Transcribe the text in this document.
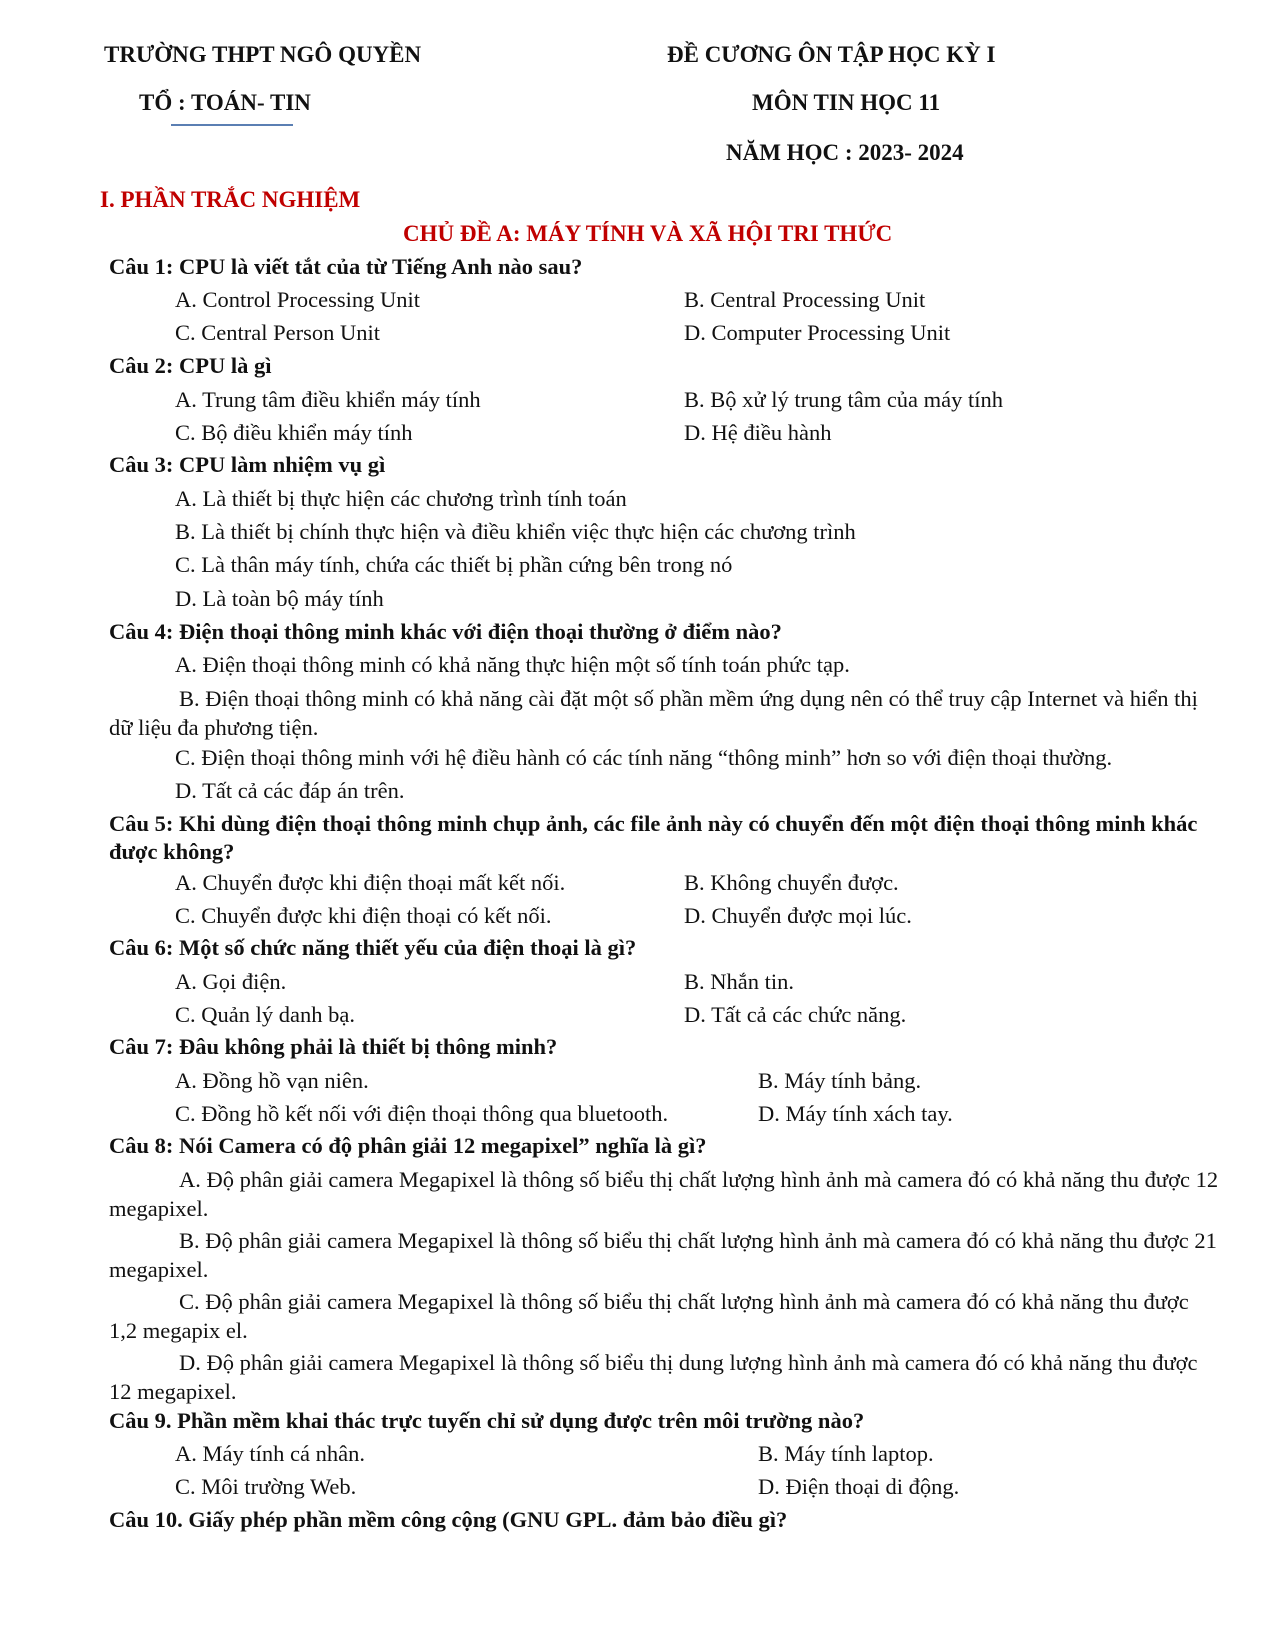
TRƯỜNG THPT NGÔ QUYỀN
TỔ : TOÁN- TIN
ĐỀ CƯƠNG ÔN TẬP HỌC KỲ I
MÔN TIN HỌC 11
NĂM HỌC : 2023- 2024
I. PHẦN TRẮC NGHIỆM
CHỦ ĐỀ A: MÁY TÍNH VÀ XÃ HỘI TRI THỨC
Câu 1: CPU là viết tắt của từ Tiếng Anh nào sau?
A. Control Processing Unit	B. Central Processing Unit
C. Central Person Unit	D. Computer Processing Unit
Câu 2: CPU là gì
A. Trung tâm điều khiển máy tính	B. Bộ xử lý trung tâm của máy tính
C. Bộ điều khiển máy tính	D. Hệ điều hành
Câu 3: CPU làm nhiệm vụ gì
A. Là thiết bị thực hiện các chương trình tính toán
B. Là thiết bị chính thực hiện và điều khiển việc thực hiện các chương trình
C. Là thân máy tính, chứa các thiết bị phần cứng bên trong nó
D. Là toàn bộ máy tính
Câu 4: Điện thoại thông minh khác với điện thoại thường ở điểm nào?
A. Điện thoại thông minh có khả năng thực hiện một số tính toán phức tạp.
B. Điện thoại thông minh có khả năng cài đặt một số phần mềm ứng dụng nên có thể truy cập Internet và hiển thị dữ liệu đa phương tiện.
C. Điện thoại thông minh với hệ điều hành có các tính năng “thông minh” hơn so với điện thoại thường.
D. Tất cả các đáp án trên.
Câu 5: Khi dùng điện thoại thông minh chụp ảnh, các file ảnh này có chuyển đến một điện thoại thông minh khác được không?
A. Chuyển được khi điện thoại mất kết nối.	B. Không chuyển được.
C. Chuyển được khi điện thoại có kết nối.	D. Chuyển được mọi lúc.
Câu 6: Một số chức năng thiết yếu của điện thoại là gì?
A. Gọi điện.	B. Nhắn tin.
C. Quản lý danh bạ.	D. Tất cả các chức năng.
Câu 7: Đâu không phải là thiết bị thông minh?
A. Đồng hồ vạn niên.	B. Máy tính bảng.
C. Đồng hồ kết nối với điện thoại thông qua bluetooth.	D. Máy tính xách tay.
Câu 8: Nói Camera có độ phân giải 12 megapixel” nghĩa là gì?
A. Độ phân giải camera Megapixel là thông số biểu thị chất lượng hình ảnh mà camera đó có khả năng thu được 12 megapixel.
B. Độ phân giải camera Megapixel là thông số biểu thị chất lượng hình ảnh mà camera đó có khả năng thu được 21 megapixel.
C. Độ phân giải camera Megapixel là thông số biểu thị chất lượng hình ảnh mà camera đó có khả năng thu được 1,2 megapix el.
D. Độ phân giải camera Megapixel là thông số biểu thị dung lượng hình ảnh mà camera đó có khả năng thu được 12 megapixel.
Câu 9. Phần mềm khai thác trực tuyến chỉ sử dụng được trên môi trường nào?
A. Máy tính cá nhân.	B. Máy tính laptop.
C. Môi trường Web.	D. Điện thoại di động.
Câu 10. Giấy phép phần mềm công cộng (GNU GPL. đảm bảo điều gì?
